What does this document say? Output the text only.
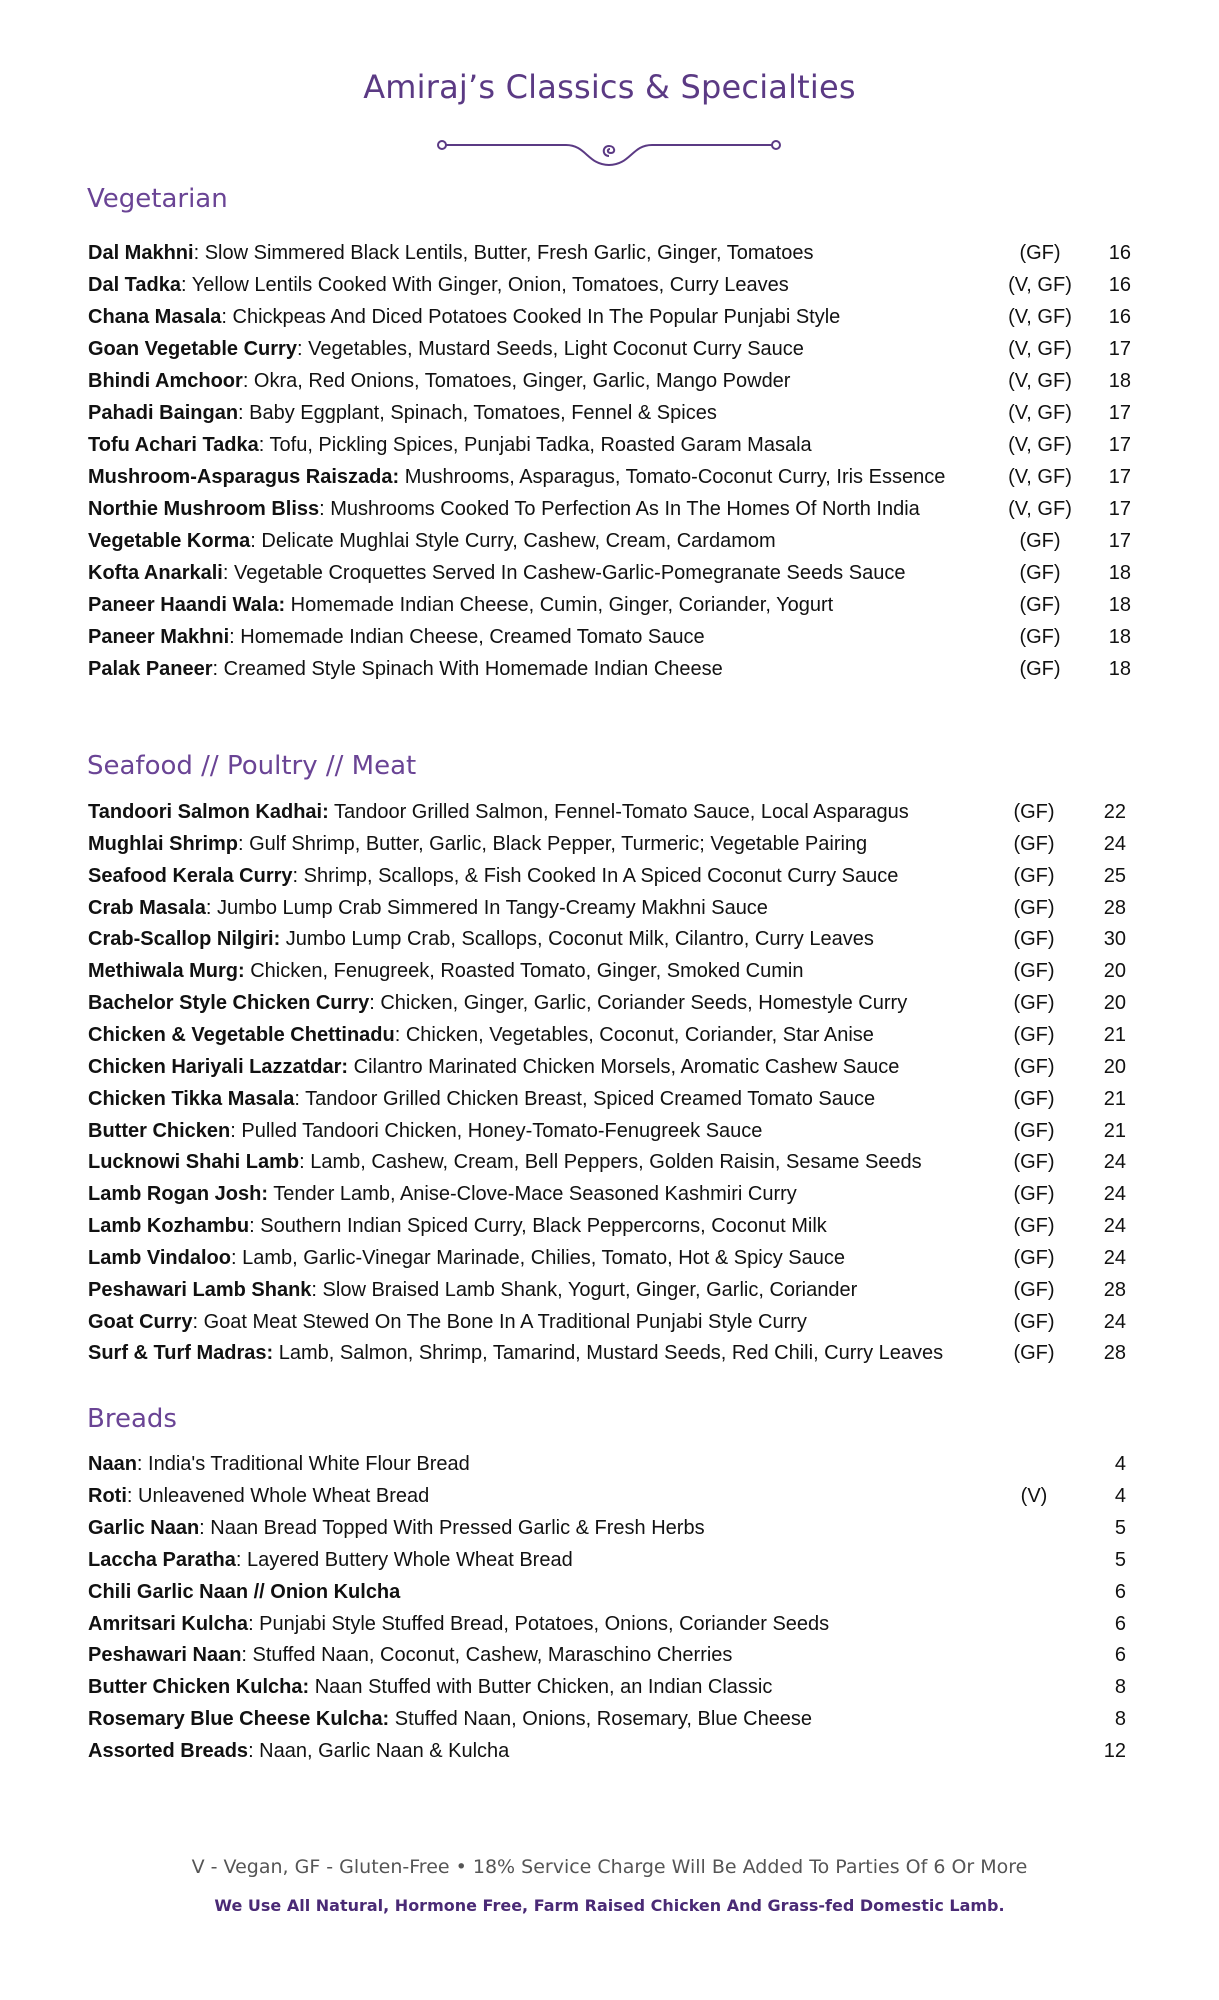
Amiraj’s Classics & Specialties
Vegetarian
Dal Makhni: Slow Simmered Black Lentils, Butter, Fresh Garlic, Ginger, Tomatoes	(GF)	16
Dal Tadka: Yellow Lentils Cooked With Ginger, Onion, Tomatoes, Curry Leaves	(V, GF)	16
Chana Masala: Chickpeas And Diced Potatoes Cooked In The Popular Punjabi Style	(V, GF)	16
Goan Vegetable Curry: Vegetables, Mustard Seeds, Light Coconut Curry Sauce	(V, GF)	17
Bhindi Amchoor: Okra, Red Onions, Tomatoes, Ginger, Garlic, Mango Powder	(V, GF)	18
Pahadi Baingan: Baby Eggplant, Spinach, Tomatoes, Fennel & Spices	(V, GF)	17
Tofu Achari Tadka: Tofu, Pickling Spices, Punjabi Tadka, Roasted Garam Masala	(V, GF)	17
Mushroom-Asparagus Raiszada: Mushrooms, Asparagus, Tomato-Coconut Curry, Iris Essence	(V, GF)	17
Northie Mushroom Bliss: Mushrooms Cooked To Perfection As In The Homes Of North India	(V, GF)	17
Vegetable Korma: Delicate Mughlai Style Curry, Cashew, Cream, Cardamom	(GF)	17
Kofta Anarkali: Vegetable Croquettes Served In Cashew-Garlic-Pomegranate Seeds Sauce	(GF)	18
Paneer Haandi Wala: Homemade Indian Cheese, Cumin, Ginger, Coriander, Yogurt	(GF)	18
Paneer Makhni: Homemade Indian Cheese, Creamed Tomato Sauce	(GF)	18
Palak Paneer: Creamed Style Spinach With Homemade Indian Cheese	(GF)	18
Seafood // Poultry // Meat
Tandoori Salmon Kadhai: Tandoor Grilled Salmon, Fennel-Tomato Sauce, Local Asparagus	(GF)	22
Mughlai Shrimp: Gulf Shrimp, Butter, Garlic, Black Pepper, Turmeric; Vegetable Pairing	(GF)	24
Seafood Kerala Curry: Shrimp, Scallops, & Fish Cooked In A Spiced Coconut Curry Sauce	(GF)	25
Crab Masala: Jumbo Lump Crab Simmered In Tangy-Creamy Makhni Sauce	(GF)	28
Crab-Scallop Nilgiri: Jumbo Lump Crab, Scallops, Coconut Milk, Cilantro, Curry Leaves	(GF)	30
Methiwala Murg: Chicken, Fenugreek, Roasted Tomato, Ginger, Smoked Cumin	(GF)	20
Bachelor Style Chicken Curry: Chicken, Ginger, Garlic, Coriander Seeds, Homestyle Curry	(GF)	20
Chicken & Vegetable Chettinadu: Chicken, Vegetables, Coconut, Coriander, Star Anise	(GF)	21
Chicken Hariyali Lazzatdar: Cilantro Marinated Chicken Morsels, Aromatic Cashew Sauce	(GF)	20
Chicken Tikka Masala: Tandoor Grilled Chicken Breast, Spiced Creamed Tomato Sauce	(GF)	21
Butter Chicken: Pulled Tandoori Chicken, Honey-Tomato-Fenugreek Sauce	(GF)	21
Lucknowi Shahi Lamb: Lamb, Cashew, Cream, Bell Peppers, Golden Raisin, Sesame Seeds	(GF)	24
Lamb Rogan Josh: Tender Lamb, Anise-Clove-Mace Seasoned Kashmiri Curry	(GF)	24
Lamb Kozhambu: Southern Indian Spiced Curry, Black Peppercorns, Coconut Milk	(GF)	24
Lamb Vindaloo: Lamb, Garlic-Vinegar Marinade, Chilies, Tomato, Hot & Spicy Sauce	(GF)	24
Peshawari Lamb Shank: Slow Braised Lamb Shank, Yogurt, Ginger, Garlic, Coriander	(GF)	28
Goat Curry: Goat Meat Stewed On The Bone In A Traditional Punjabi Style Curry	(GF)	24
Surf & Turf Madras: Lamb, Salmon, Shrimp, Tamarind, Mustard Seeds, Red Chili, Curry Leaves	(GF)	28
Breads
Naan: India's Traditional White Flour Bread	4
Roti: Unleavened Whole Wheat Bread	(V)	4
Garlic Naan: Naan Bread Topped With Pressed Garlic & Fresh Herbs	5
Laccha Paratha: Layered Buttery Whole Wheat Bread	5
Chili Garlic Naan // Onion Kulcha	6
Amritsari Kulcha: Punjabi Style Stuffed Bread, Potatoes, Onions, Coriander Seeds	6
Peshawari Naan: Stuffed Naan, Coconut, Cashew, Maraschino Cherries	6
Butter Chicken Kulcha: Naan Stuffed with Butter Chicken, an Indian Classic	8
Rosemary Blue Cheese Kulcha: Stuffed Naan, Onions, Rosemary, Blue Cheese	8
Assorted Breads: Naan, Garlic Naan & Kulcha	12
V - Vegan, GF - Gluten-Free • 18% Service Charge Will Be Added To Parties Of 6 Or More
We Use All Natural, Hormone Free, Farm Raised Chicken And Grass-fed Domestic Lamb.
